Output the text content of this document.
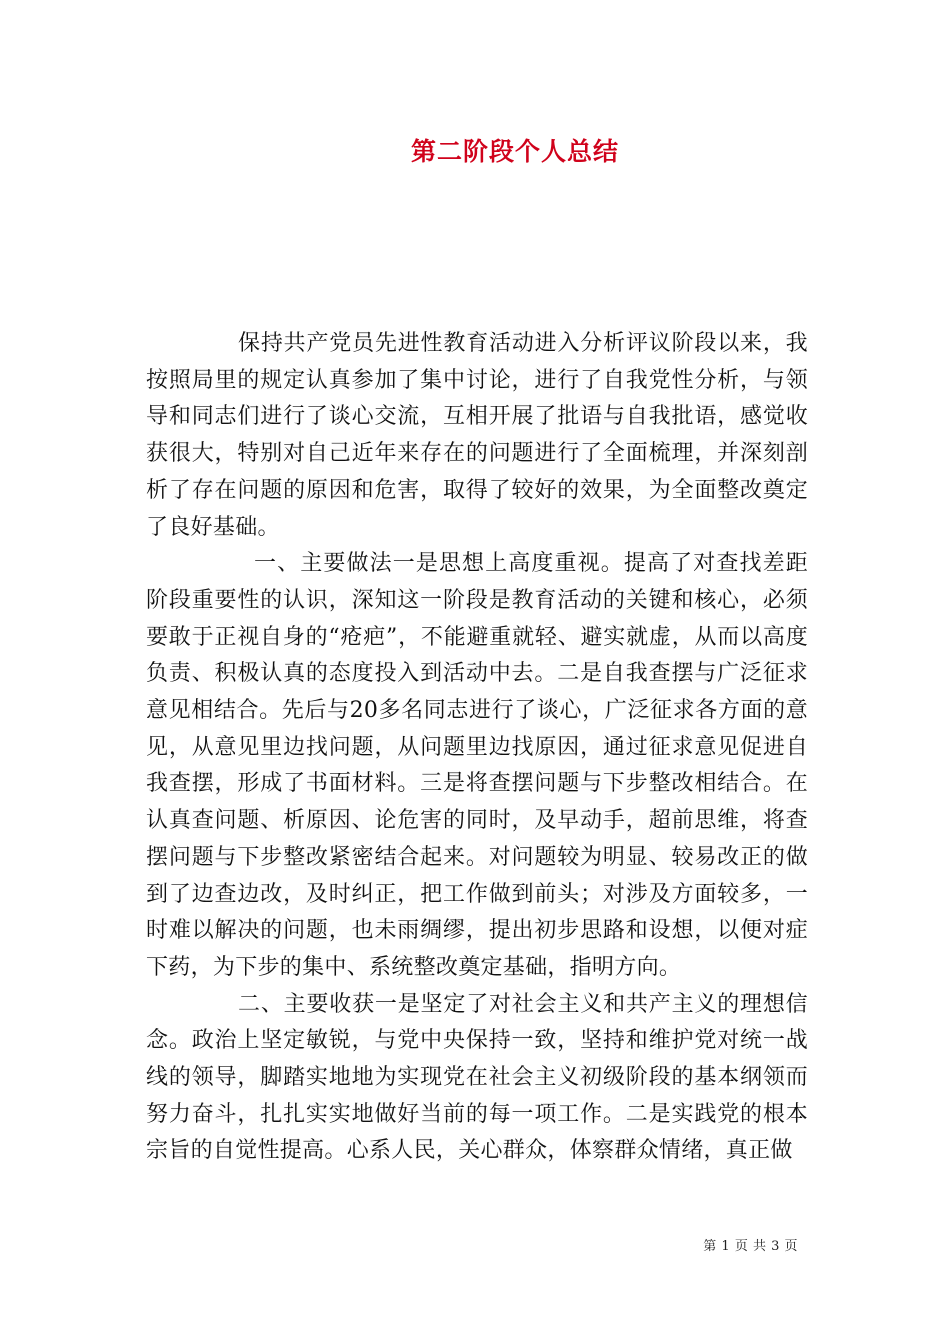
第二阶段个人总结

保持共产党员先进性教育活动进入分析评议阶段以来，我按照局里的规定认真参加了集中讨论，进行了自我党性分析，与领导和同志们进行了谈心交流，互相开展了批语与自我批语，感觉收获很大，特别对自己近年来存在的问题进行了全面梳理，并深刻剖析了存在问题的原因和危害，取得了较好的效果，为全面整改奠定了良好基础。

一、主要做法一是思想上高度重视。提高了对查找差距阶段重要性的认识，深知这一阶段是教育活动的关键和核心，必须要敢于正视自身的“疮疤”，不能避重就轻、避实就虚，从而以高度负责、积极认真的态度投入到活动中去。二是自我查摆与广泛征求意见相结合。先后与20多名同志进行了谈心，广泛征求各方面的意见，从意见里边找问题，从问题里边找原因，通过征求意见促进自我查摆，形成了书面材料。三是将查摆问题与下步整改相结合。在认真查问题、析原因、论危害的同时，及早动手，超前思维，将查摆问题与下步整改紧密结合起来。对问题较为明显、较易改正的做到了边查边改，及时纠正，把工作做到前头；对涉及方面较多，一时难以解决的问题，也未雨绸缪，提出初步思路和设想，以便对症下药，为下步的集中、系统整改奠定基础，指明方向。

二、主要收获一是坚定了对社会主义和共产主义的理想信念。政治上坚定敏锐，与党中央保持一致，坚持和维护党对统一战线的领导，脚踏实地地为实现党在社会主义初级阶段的基本纲领而努力奋斗，扎扎实实地做好当前的每一项工作。二是实践党的根本宗旨的自觉性提高。心系人民，关心群众，体察群众情绪，真正做

第 1 页 共 3 页
